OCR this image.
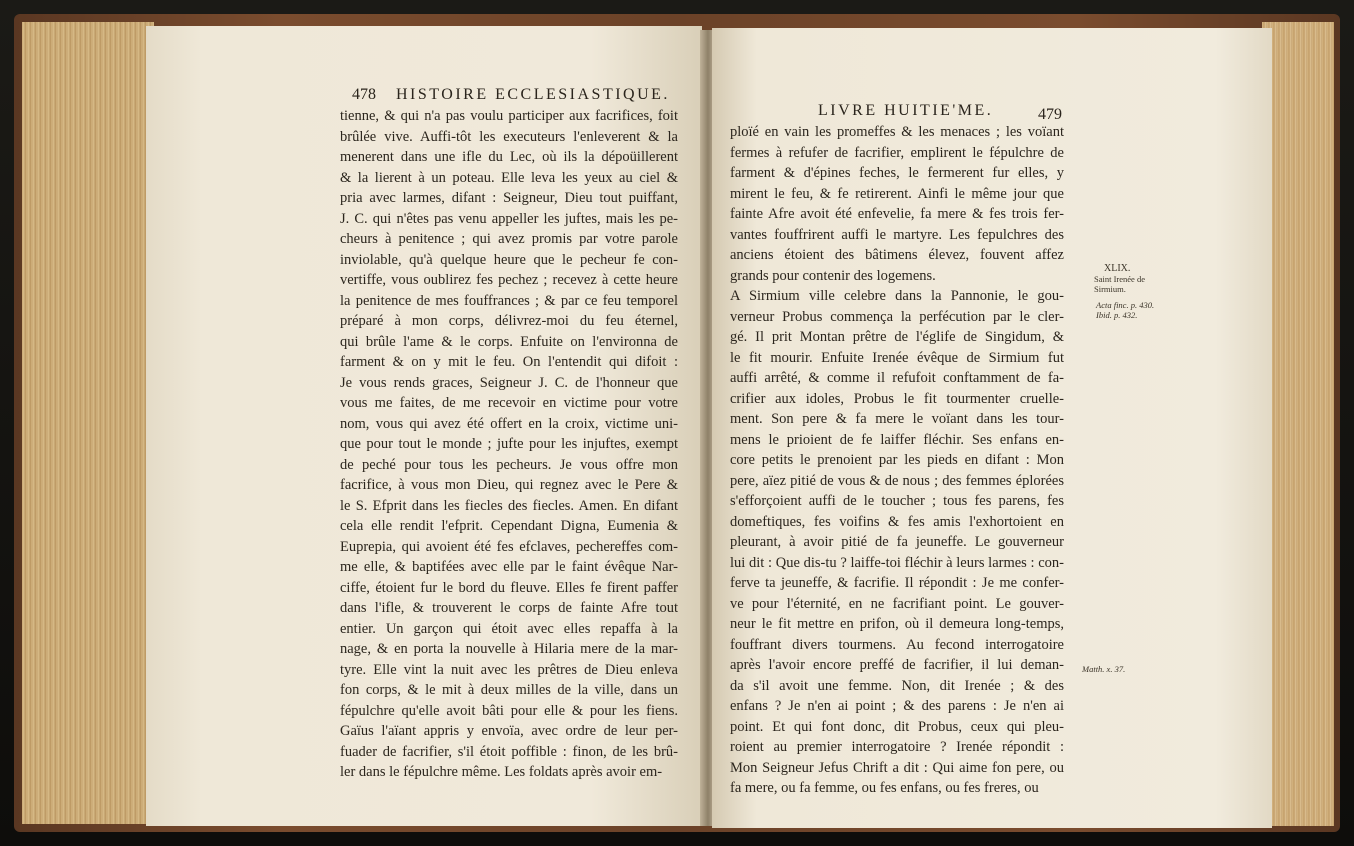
478 HISTOIRE ECCLESIASTIQUE.
tienne, & qui n'a pas voulu participer aux facrifices, foit
brûlée vive. Auffi-tôt les executeurs l'enleverent & la
menerent dans une ifle du Lec, où ils la dépoüillerent
& la lierent à un poteau. Elle leva les yeux au ciel &
pria avec larmes, difant : Seigneur, Dieu tout puiffant,
J. C. qui n'êtes pas venu appeller les juftes, mais les pe-
cheurs à penitence ; qui avez promis par votre parole
inviolable, qu'à quelque heure que le pecheur fe con-
vertiffe, vous oublirez fes pechez ; recevez à cette heure
la penitence de mes fouffrances ; & par ce feu temporel
préparé à mon corps, délivrez-moi du feu éternel,
qui brûle l'ame & le corps. Enfuite on l'environna de
farment & on y mit le feu. On l'entendit qui difoit :
Je vous rends graces, Seigneur J. C. de l'honneur que
vous me faites, de me recevoir en victime pour votre
nom, vous qui avez été offert en la croix, victime uni-
que pour tout le monde ; jufte pour les injuftes, exempt
de peché pour tous les pecheurs. Je vous offre mon
facrifice, à vous mon Dieu, qui regnez avec le Pere &
le S. Efprit dans les fiecles des fiecles. Amen. En difant
cela elle rendit l'efprit. Cependant Digna, Eumenia &
Euprepia, qui avoient été fes efclaves, pechereffes com-
me elle, & baptifées avec elle par le faint évêque Nar-
ciffe, étoient fur le bord du fleuve. Elles fe firent paffer
dans l'ifle, & trouverent le corps de fainte Afre tout
entier. Un garçon qui étoit avec elles repaffa à la
nage, & en porta la nouvelle à Hilaria mere de la mar-
tyre. Elle vint la nuit avec les prêtres de Dieu enleva
fon corps, & le mit à deux milles de la ville, dans un
fépulchre qu'elle avoit bâti pour elle & pour les fiens.
Gaïus l'aïant appris y envoïa, avec ordre de leur per-
fuader de facrifier, s'il étoit poffible : finon, de les brû-
ler dans le fépulchre même. Les foldats après avoir em-
LIVRE HUITIE'ME.	479
ploïé en vain les promeffes & les menaces ; les voïant
fermes à refufer de facrifier, emplirent le fépulchre de
farment & d'épines feches, le fermerent fur elles, y
mirent le feu, & fe retirerent. Ainfi le même jour que
fainte Afre avoit été enfevelie, fa mere & fes trois fer-
vantes fouffrirent auffi le martyre. Les fepulchres des
anciens étoient des bâtimens élevez, fouvent affez
grands pour contenir des logemens.
A Sirmium ville celebre dans la Pannonie, le gou-
verneur Probus commença la perfécution par le cler-
gé. Il prit Montan prêtre de l'églife de Singidum, &
le fit mourir. Enfuite Irenée évêque de Sirmium fut
auffi arrêté, & comme il refufoit conftamment de fa-
crifier aux idoles, Probus le fit tourmenter cruelle-
ment. Son pere & fa mere le voïant dans les tour-
mens le prioient de fe laiffer fléchir. Ses enfans en-
core petits le prenoient par les pieds en difant : Mon
pere, aïez pitié de vous & de nous ; des femmes éplorées
s'efforçoient auffi de le toucher ; tous fes parens, fes
domeftiques, fes voifins & fes amis l'exhortoient en
pleurant, à avoir pitié de fa jeuneffe. Le gouverneur
lui dit : Que dis-tu ? laiffe-toi fléchir à leurs larmes : con-
ferve ta jeuneffe, & facrifie. Il répondit : Je me confer-
ve pour l'éternité, en ne facrifiant point. Le gouver-
neur le fit mettre en prifon, où il demeura long-temps,
fouffrant divers tourmens. Au fecond interrogatoire
après l'avoir encore preffé de facrifier, il lui deman-
da s'il avoit une femme. Non, dit Irenée ; & des
enfans ? Je n'en ai point ; & des parens : Je n'en ai
point. Et qui font donc, dit Probus, ceux qui pleu-
roient au premier interrogatoire ? Irenée répondit :
Mon Seigneur Jefus Chrift a dit : Qui aime fon pere, ou
fa mere, ou fa femme, ou fes enfans, ou fes freres, ou
XLIX.
Saint Irenée de
Sirmium.
Acta finc. p. 430.
Ibid. p. 432.
Matth. x. 37.
